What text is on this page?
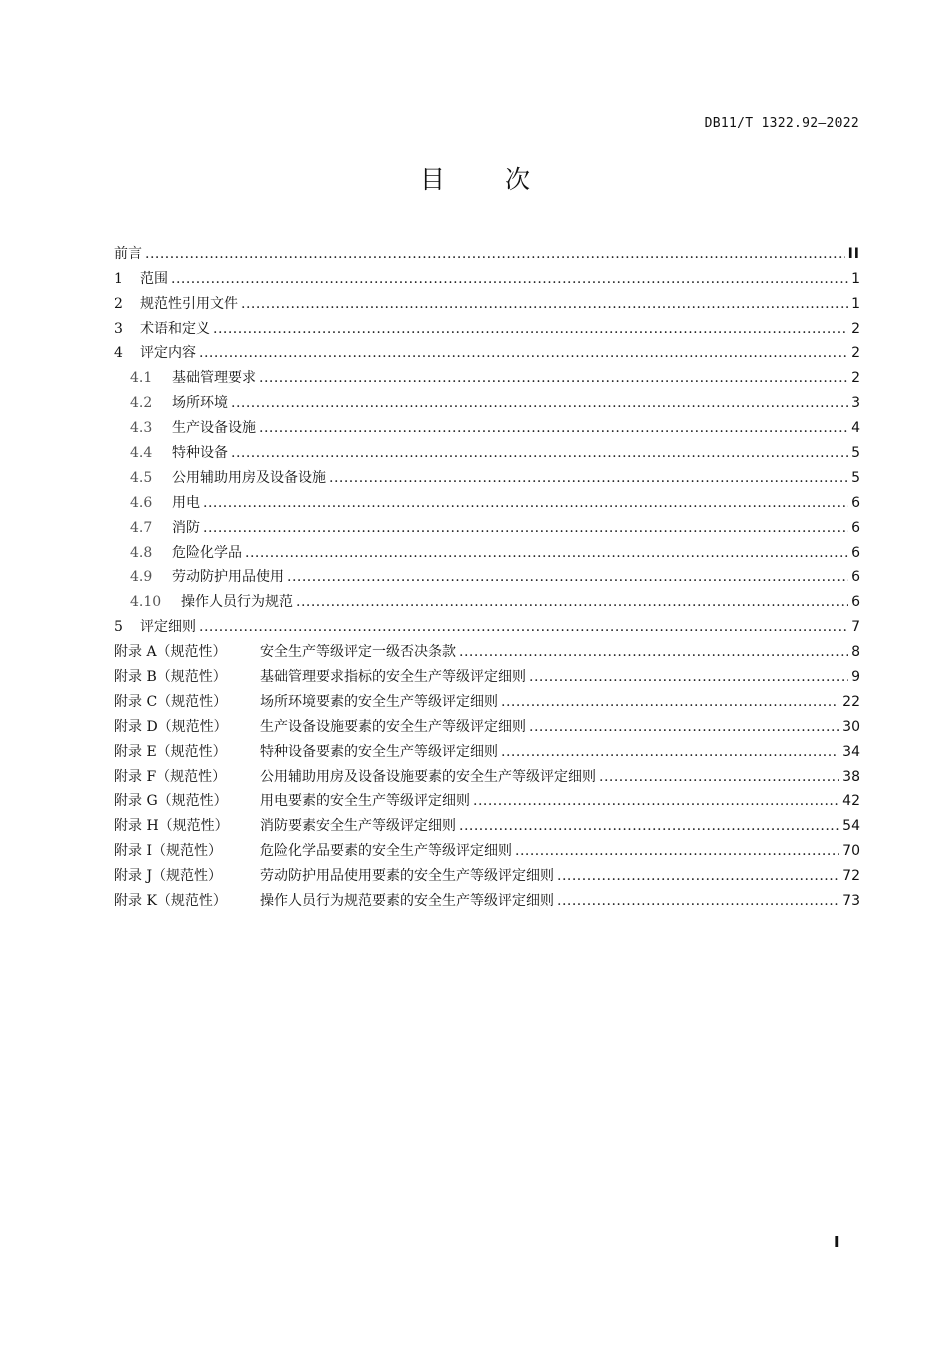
DB11/T 1322.92—2022
目 次
前言 .....	II
1 范围 .....	1
2 规范性引用文件 .....	1
3 术语和定义 .....	2
4 评定内容 .....	2
4.1 基础管理要求 .....	2
4.2 场所环境 .....	3
4.3 生产设备设施 .....	4
4.4 特种设备 .....	5
4.5 公用辅助用房及设备设施 .....	5
4.6 用电 .....	6
4.7 消防 .....	6
4.8 危险化学品 .....	6
4.9 劳动防护用品使用 .....	6
4.10 操作人员行为规范 .....	6
5 评定细则 .....	7
附录 A（规范性） 安全生产等级评定一级否决条款 .....	8
附录 B（规范性） 基础管理要求指标的安全生产等级评定细则 .....	9
附录 C（规范性） 场所环境要素的安全生产等级评定细则 .....	22
附录 D（规范性） 生产设备设施要素的安全生产等级评定细则 .....	30
附录 E（规范性） 特种设备要素的安全生产等级评定细则 .....	34
附录 F（规范性） 公用辅助用房及设备设施要素的安全生产等级评定细则 .....	38
附录 G（规范性） 用电要素的安全生产等级评定细则 .....	42
附录 H（规范性） 消防要素安全生产等级评定细则 .....	54
附录 I（规范性）	危险化学品要素的安全生产等级评定细则 .....	70
附录 J（规范性）	劳动防护用品使用要素的安全生产等级评定细则 .....	72
附录 K（规范性） 操作人员行为规范要素的安全生产等级评定细则 .....	73
I
